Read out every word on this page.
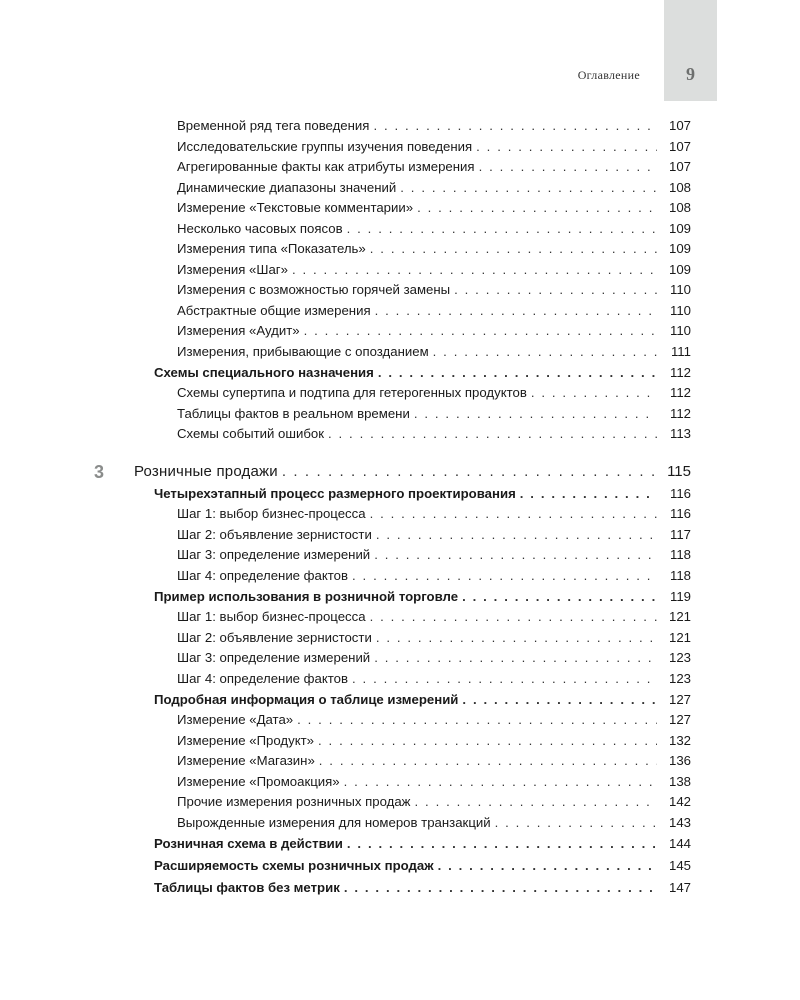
9
Оглавление
Временной ряд тега поведения . . .	107
Исследовательские группы изучения поведения . . .	107
Агрегированные факты как атрибуты измерения . . .	107
Динамические диапазоны значений . . .	108
Измерение «Текстовые комментарии» . . .	108
Несколько часовых поясов . . .	109
Измерения типа «Показатель» . . .	109
Измерения «Шаг» . . .	109
Измерения с возможностью горячей замены . . .	110
Абстрактные общие измерения . . .	110
Измерения «Аудит» . . .	110
Измерения, прибывающие с опозданием . . .	111
Схемы специального назначения . . .	112
Схемы супертипа и подтипа для гетерогенных продуктов . . .	112
Таблицы фактов в реальном времени . . .	112
Схемы событий ошибок . . .	113
3 Розничные продажи . . .	115
Четырехэтапный процесс размерного проектирования . . .	116
Шаг 1: выбор бизнес-процесса . . .	116
Шаг 2: объявление зернистости . . .	117
Шаг 3: определение измерений . . .	118
Шаг 4: определение фактов . . .	118
Пример использования в розничной торговле . . .	119
Шаг 1: выбор бизнес-процесса . . .	121
Шаг 2: объявление зернистости . . .	121
Шаг 3: определение измерений . . .	123
Шаг 4: определение фактов . . .	123
Подробная информация о таблице измерений . . .	127
Измерение «Дата» . . .	127
Измерение «Продукт» . . .	132
Измерение «Магазин» . . .	136
Измерение «Промоакция» . . .	138
Прочие измерения розничных продаж . . .	142
Вырожденные измерения для номеров транзакций . . .	143
Розничная схема в действии . . .	144
Расширяемость схемы розничных продаж . . .	145
Таблицы фактов без метрик . . .	147
